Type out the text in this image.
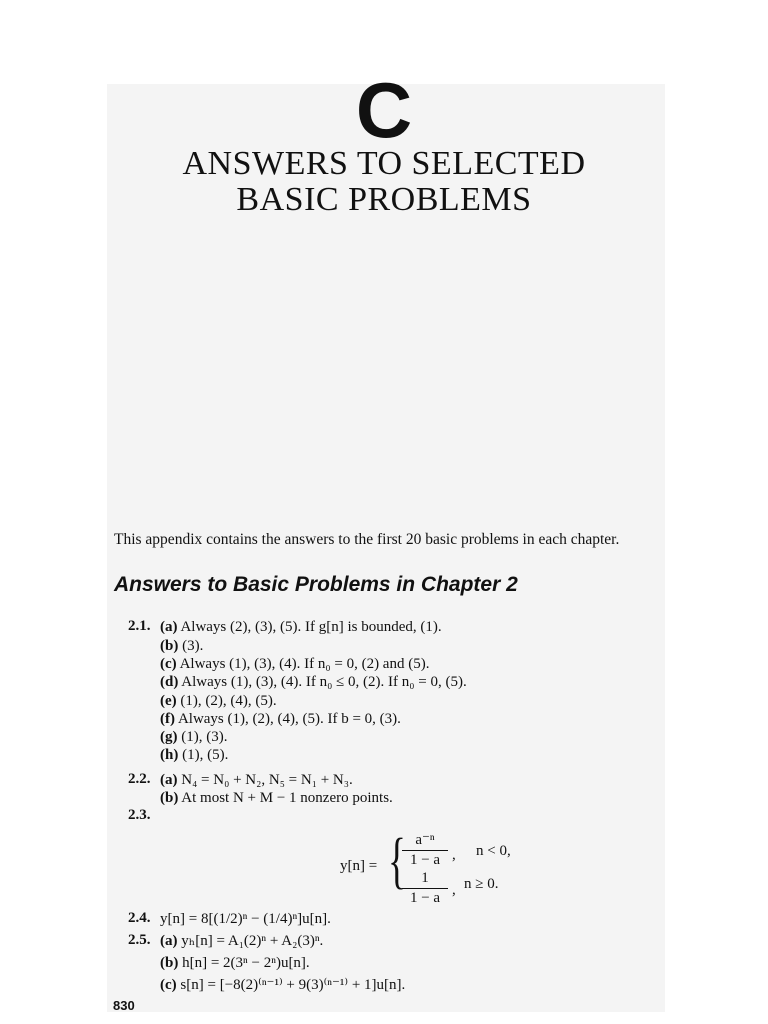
C
ANSWERS TO SELECTED
BASIC PROBLEMS
This appendix contains the answers to the first 20 basic problems in each chapter.
Answers to Basic Problems in Chapter 2
2.1. (a) Always (2), (3), (5). If g[n] is bounded, (1).
(b) (3).
(c) Always (1), (3), (4). If n₀ = 0, (2) and (5).
(d) Always (1), (3), (4). If n₀ ≤ 0, (2). If n₀ = 0, (5).
(e) (1), (2), (4), (5).
(f) Always (1), (2), (4), (5). If b = 0, (3).
(g) (1), (3).
(h) (1), (5).
2.2. (a) N₄ = N₀ + N₂, N₅ = N₁ + N₃.
(b) At most N + M − 1 nonzero points.
2.3.
y[n] = { a⁻ⁿ
1 − a , n < 0,
1
1 − a , n ≥ 0.
2.4. y[n] = 8[(1/2)ⁿ − (1/4)ⁿ]u[n].
2.5. (a) yₕ[n] = A₁(2)ⁿ + A₂(3)ⁿ.
(b) h[n] = 2(3ⁿ − 2ⁿ)u[n].
(c) s[n] = [−8(2)⁽ⁿ⁻¹⁾ + 9(3)⁽ⁿ⁻¹⁾ + 1]u[n].
830
